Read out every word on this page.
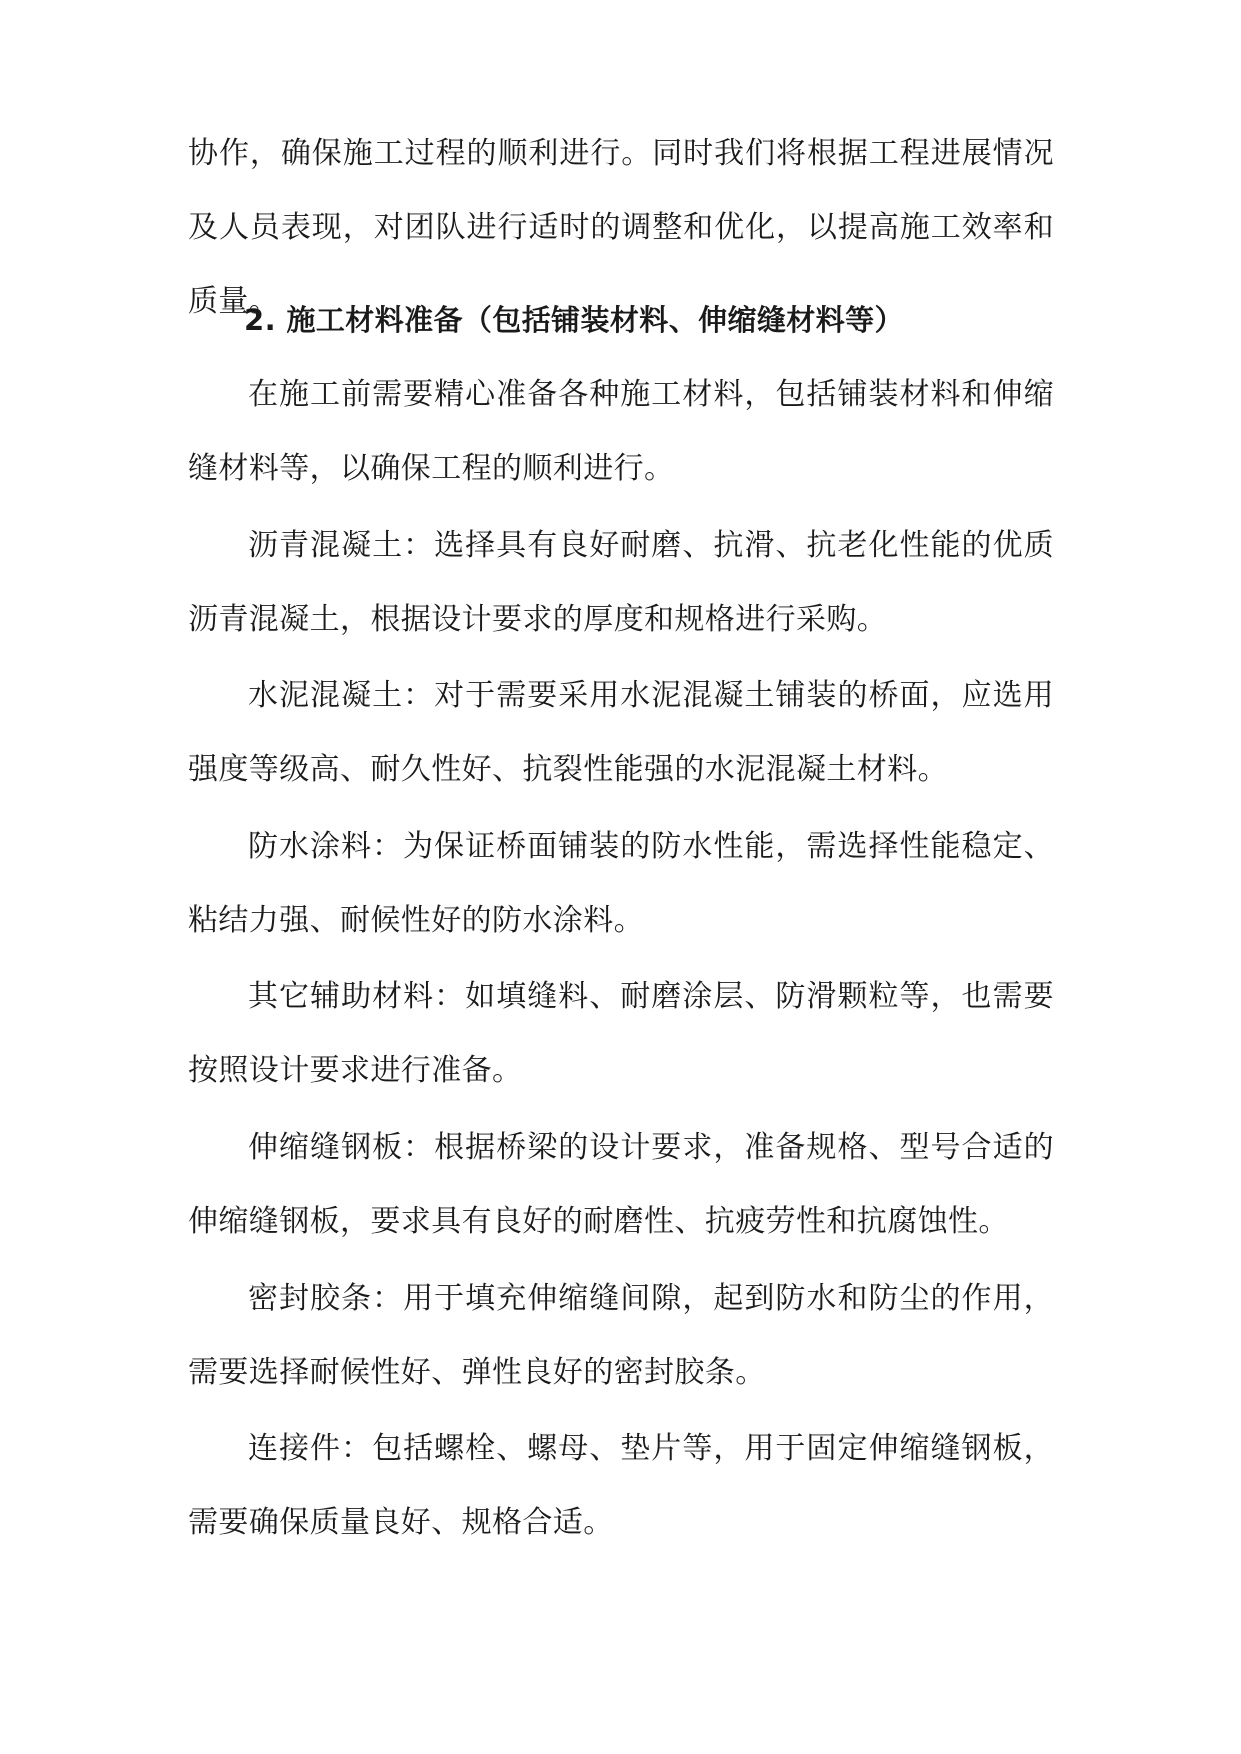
协作，确保施工过程的顺利进行。同时我们将根据工程进展情况及人员表现，对团队进行适时的调整和优化，以提高施工效率和质量。

2. 施工材料准备（包括铺装材料、伸缩缝材料等）

在施工前需要精心准备各种施工材料，包括铺装材料和伸缩缝材料等，以确保工程的顺利进行。

沥青混凝土：选择具有良好耐磨、抗滑、抗老化性能的优质沥青混凝土，根据设计要求的厚度和规格进行采购。

水泥混凝土：对于需要采用水泥混凝土铺装的桥面，应选用强度等级高、耐久性好、抗裂性能强的水泥混凝土材料。

防水涂料：为保证桥面铺装的防水性能，需选择性能稳定、粘结力强、耐候性好的防水涂料。

其它辅助材料：如填缝料、耐磨涂层、防滑颗粒等，也需要按照设计要求进行准备。

伸缩缝钢板：根据桥梁的设计要求，准备规格、型号合适的伸缩缝钢板，要求具有良好的耐磨性、抗疲劳性和抗腐蚀性。

密封胶条：用于填充伸缩缝间隙，起到防水和防尘的作用，需要选择耐候性好、弹性良好的密封胶条。

连接件：包括螺栓、螺母、垫片等，用于固定伸缩缝钢板，需要确保质量良好、规格合适。
